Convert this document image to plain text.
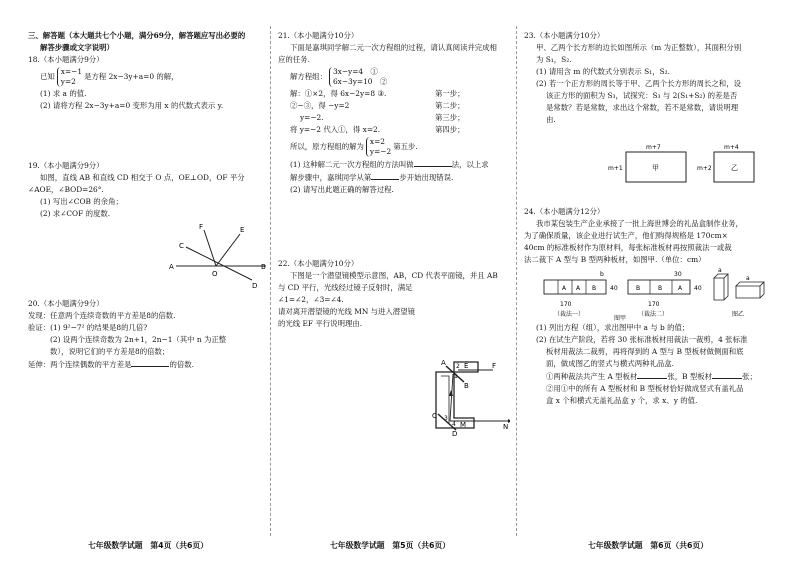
三、解答题（本大题共七个小题，满分69分，解答题应写出必要的

解答步骤或文字说明）

18.（本小题满分9分）

已知x=−1
y=2是方程 2x−3y+a=0 的解，

(1) 求 a 的值.

(2) 请将方程 2x−3y+a=0 变形为用 x 的代数式表示 y.

19.（本小题满分9分）

如图，直线 AB 和直线 CD 相交于 O 点，OE⊥OD，OF 平分

∠AOE，∠BOD=26°.

(1) 写出∠COB 的余角；

(2) 求∠COF 的度数.

A	B
C
D
E
F
O

20.（本小题满分9分）

发现：任意两个连续奇数的平方差是8的倍数.

验证：(1) 9²−7² 的结果是8的几倍?

(2) 设两个连续奇数为 2n+1，2n−1（其中 n 为正整

数），说明它们的平方差是8的倍数；

延伸：两个连续偶数的平方差是	的倍数.

七年级数学试题　第4页（共6页）

21.（本小题满分10分）

下面是嘉琪同学解二元一次方程组的过程，请认真阅读并完成相

应的任务.

解方程组：3x−y=4　①
6x−3y=10　②

解：①×2，得 6x−2y=8 ③.	第一步；

②−③，得 −y=2	第二步；

y=−2.	第三步；

将 y=−2 代入①，得 x=2.	第四步；

所以，原方程组的解为x=2
y=−2第五步.

(1) 这种解二元一次方程组的方法叫做	法，以上求

解步骤中，嘉琪同学从第	步开始出现错误.

(2) 请写出此题正确的解答过程.

22.（本小题满分10分）

下图是一个潜望镜模型示意图，AB，CD 代表平面镜，并且 AB

与 CD 平行，光线经过镜子反射时，满足

∠1=∠2，∠3=∠4.

请对离开潜望镜的光线 MN 与进入潜望镜

的光线 EF 平行说明理由.

A
B
C
D
E	F
M	N
1
2
3
4
七年级数学试题　第5页（共6页）

23.（本小题满分10分）

甲、乙两个长方形的边长如图所示（m 为正整数），其面积分别

为 S₁，S₂.

(1) 请用含 m 的代数式分别表示 S₁，S₂.

(2) 若一个正方形的周长等于甲、乙两个长方形的周长之和，设

该正方形的面积为 S₃，试探究：S₃ 与 2(S₁+S₂) 的差是否

是常数？若是常数，求出这个常数，若不是常数，请说明理

由.

m+7
m+1	甲
m+4
m+2	乙

24.（本小题满分12分）

我市某包装生产企业承接了一批上海世博会的礼品盒制作业务，

为了确保质量，该企业进行试生产，他们购得规格是 170cm×

40cm 的标准板材作为原材料，每张标准板材再按照裁法一或裁

法二裁下 A 型与 B 型两种板材，如图甲.（单位：cm）

A A B 40
170
（裁法一）
b
B	B	A
30
40
170
（裁法二）
图甲
a
a
图乙

(1) 列出方程（组），求出图甲中 a 与 b 的值；

(2) 在试生产阶段，若将 30 张标准板材用裁法一裁剪，4 张标准

板材用裁法二裁剪，再将得到的 A 型与 B 型板材做侧面和底

面，做成图乙的竖式与横式两种礼品盒.

①两种裁法共产生 A 型板材	张，B 型板材	张；

②用①中的所有 A 型板材和 B 型板材恰好做成竖式有盖礼品

盒 x 个和横式无盖礼品盒 y 个，求 x、y 的值.

七年级数学试题　第6页（共6页）
